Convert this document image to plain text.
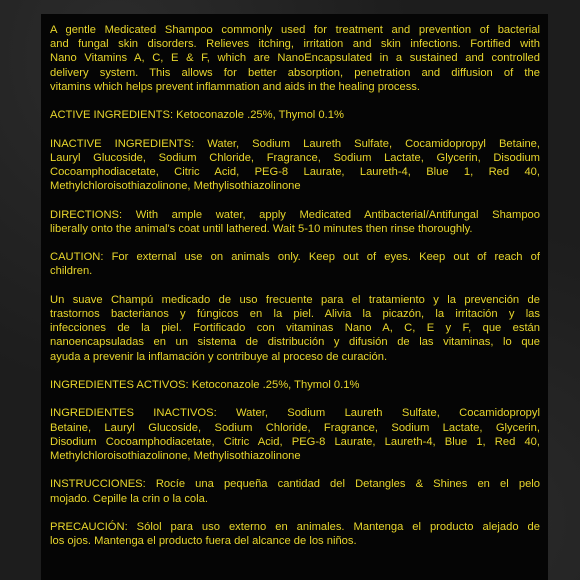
A gentle Medicated Shampoo commonly used for treatment and prevention of bacterial
and fungal skin disorders. Relieves itching, irritation and skin infections. Fortified with
Nano Vitamins A, C, E & F, which are NanoEncapsulated in a sustained and controlled
delivery system. This allows for better absorption, penetration and diffusion of the
vitamins which helps prevent inflammation and aids in the healing process.
ACTIVE INGREDIENTS: Ketoconazole .25%, Thymol 0.1%
INACTIVE INGREDIENTS: Water, Sodium Laureth Sulfate, Cocamidopropyl Betaine,
Lauryl Glucoside, Sodium Chloride, Fragrance, Sodium Lactate, Glycerin, Disodium
Cocoamphodiacetate, Citric Acid, PEG-8 Laurate, Laureth-4, Blue 1, Red 40,
Methylchloroisothiazolinone, Methylisothiazolinone
DIRECTIONS: With ample water, apply Medicated Antibacterial/Antifungal Shampoo
liberally onto the animal's coat until lathered. Wait 5-10 minutes then rinse thoroughly.
CAUTION: For external use on animals only. Keep out of eyes. Keep out of reach of
children.
Un suave Champú medicado de uso frecuente para el tratamiento y la prevención de
trastornos bacterianos y fúngicos en la piel. Alivia la picazón, la irritación y las
infecciones de la piel. Fortificado con vitaminas Nano A, C, E y F, que están
nanoencapsuladas en un sistema de distribución y difusión de las vitaminas, lo que
ayuda a prevenir la inflamación y contribuye al proceso de curación.
INGREDIENTES ACTIVOS: Ketoconazole .25%, Thymol 0.1%
INGREDIENTES INACTIVOS: Water, Sodium Laureth Sulfate, Cocamidopropyl
Betaine, Lauryl Glucoside, Sodium Chloride, Fragrance, Sodium Lactate, Glycerin,
Disodium Cocoamphodiacetate, Citric Acid, PEG-8 Laurate, Laureth-4, Blue 1, Red 40,
Methylchloroisothiazolinone, Methylisothiazolinone
INSTRUCCIONES: Rocíe una pequeña cantidad del Detangles & Shines en el pelo
mojado. Cepille la crin o la cola.
PRECAUCIÓN: Sólol para uso externo en animales. Mantenga el producto alejado de
los ojos. Mantenga el producto fuera del alcance de los niños.
